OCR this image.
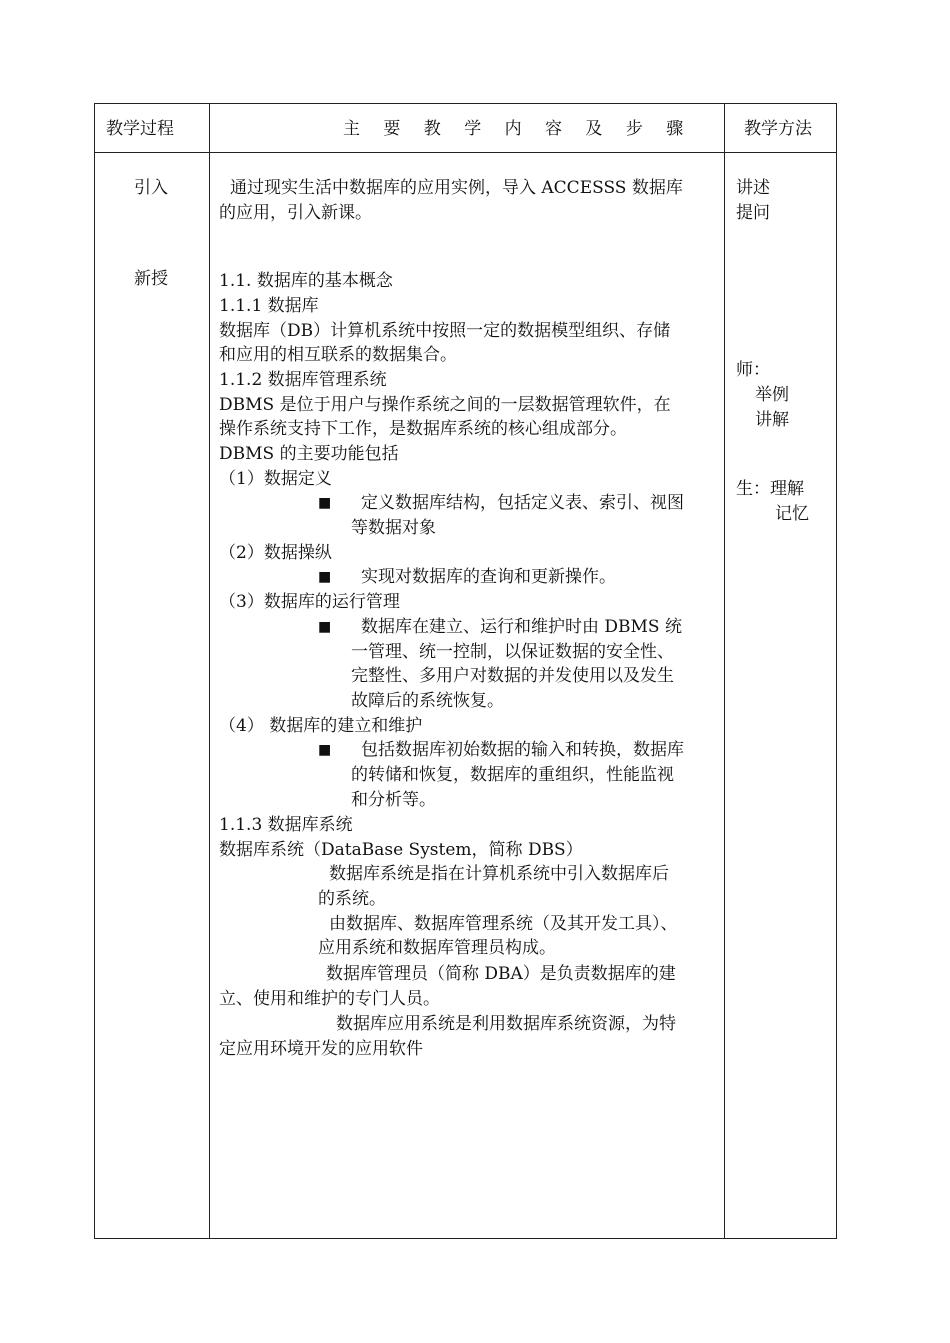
教学过程	主 要 教 学 内 容 及 步 骤	教学方法
引入
新授
通过现实生活中数据库的应用实例，导入 ACCESSS 数据库
的应用，引入新课。
1.1. 数据库的基本概念
1.1.1 数据库
数据库（DB）计算机系统中按照一定的数据模型组织、存储
和应用的相互联系的数据集合。
1.1.2 数据库管理系统
DBMS 是位于用户与操作系统之间的一层数据管理软件，在
操作系统支持下工作，是数据库系统的核心组成部分。
DBMS 的主要功能包括
（1）数据定义
■ 定义数据库结构，包括定义表、索引、视图
等数据对象
（2）数据操纵
■ 实现对数据库的查询和更新操作。
（3）数据库的运行管理
■ 数据库在建立、运行和维护时由 DBMS 统
一管理、统一控制，以保证数据的安全性、
完整性、多用户对数据的并发使用以及发生
故障后的系统恢复。
（4） 数据库的建立和维护
■ 包括数据库初始数据的输入和转换，数据库
的转储和恢复，数据库的重组织，性能监视
和分析等。
1.1.3 数据库系统
数据库系统（DataBase System，简称 DBS）
数据库系统是指在计算机系统中引入数据库后
的系统。
由数据库、数据库管理系统（及其开发工具）、
应用系统和数据库管理员构成。
数据库管理员（简称 DBA）是负责数据库的建
立、使用和维护的专门人员。
数据库应用系统是利用数据库系统资源，为特
定应用环境开发的应用软件
讲述
提问
师：
举例
讲解
生：理解
记忆
